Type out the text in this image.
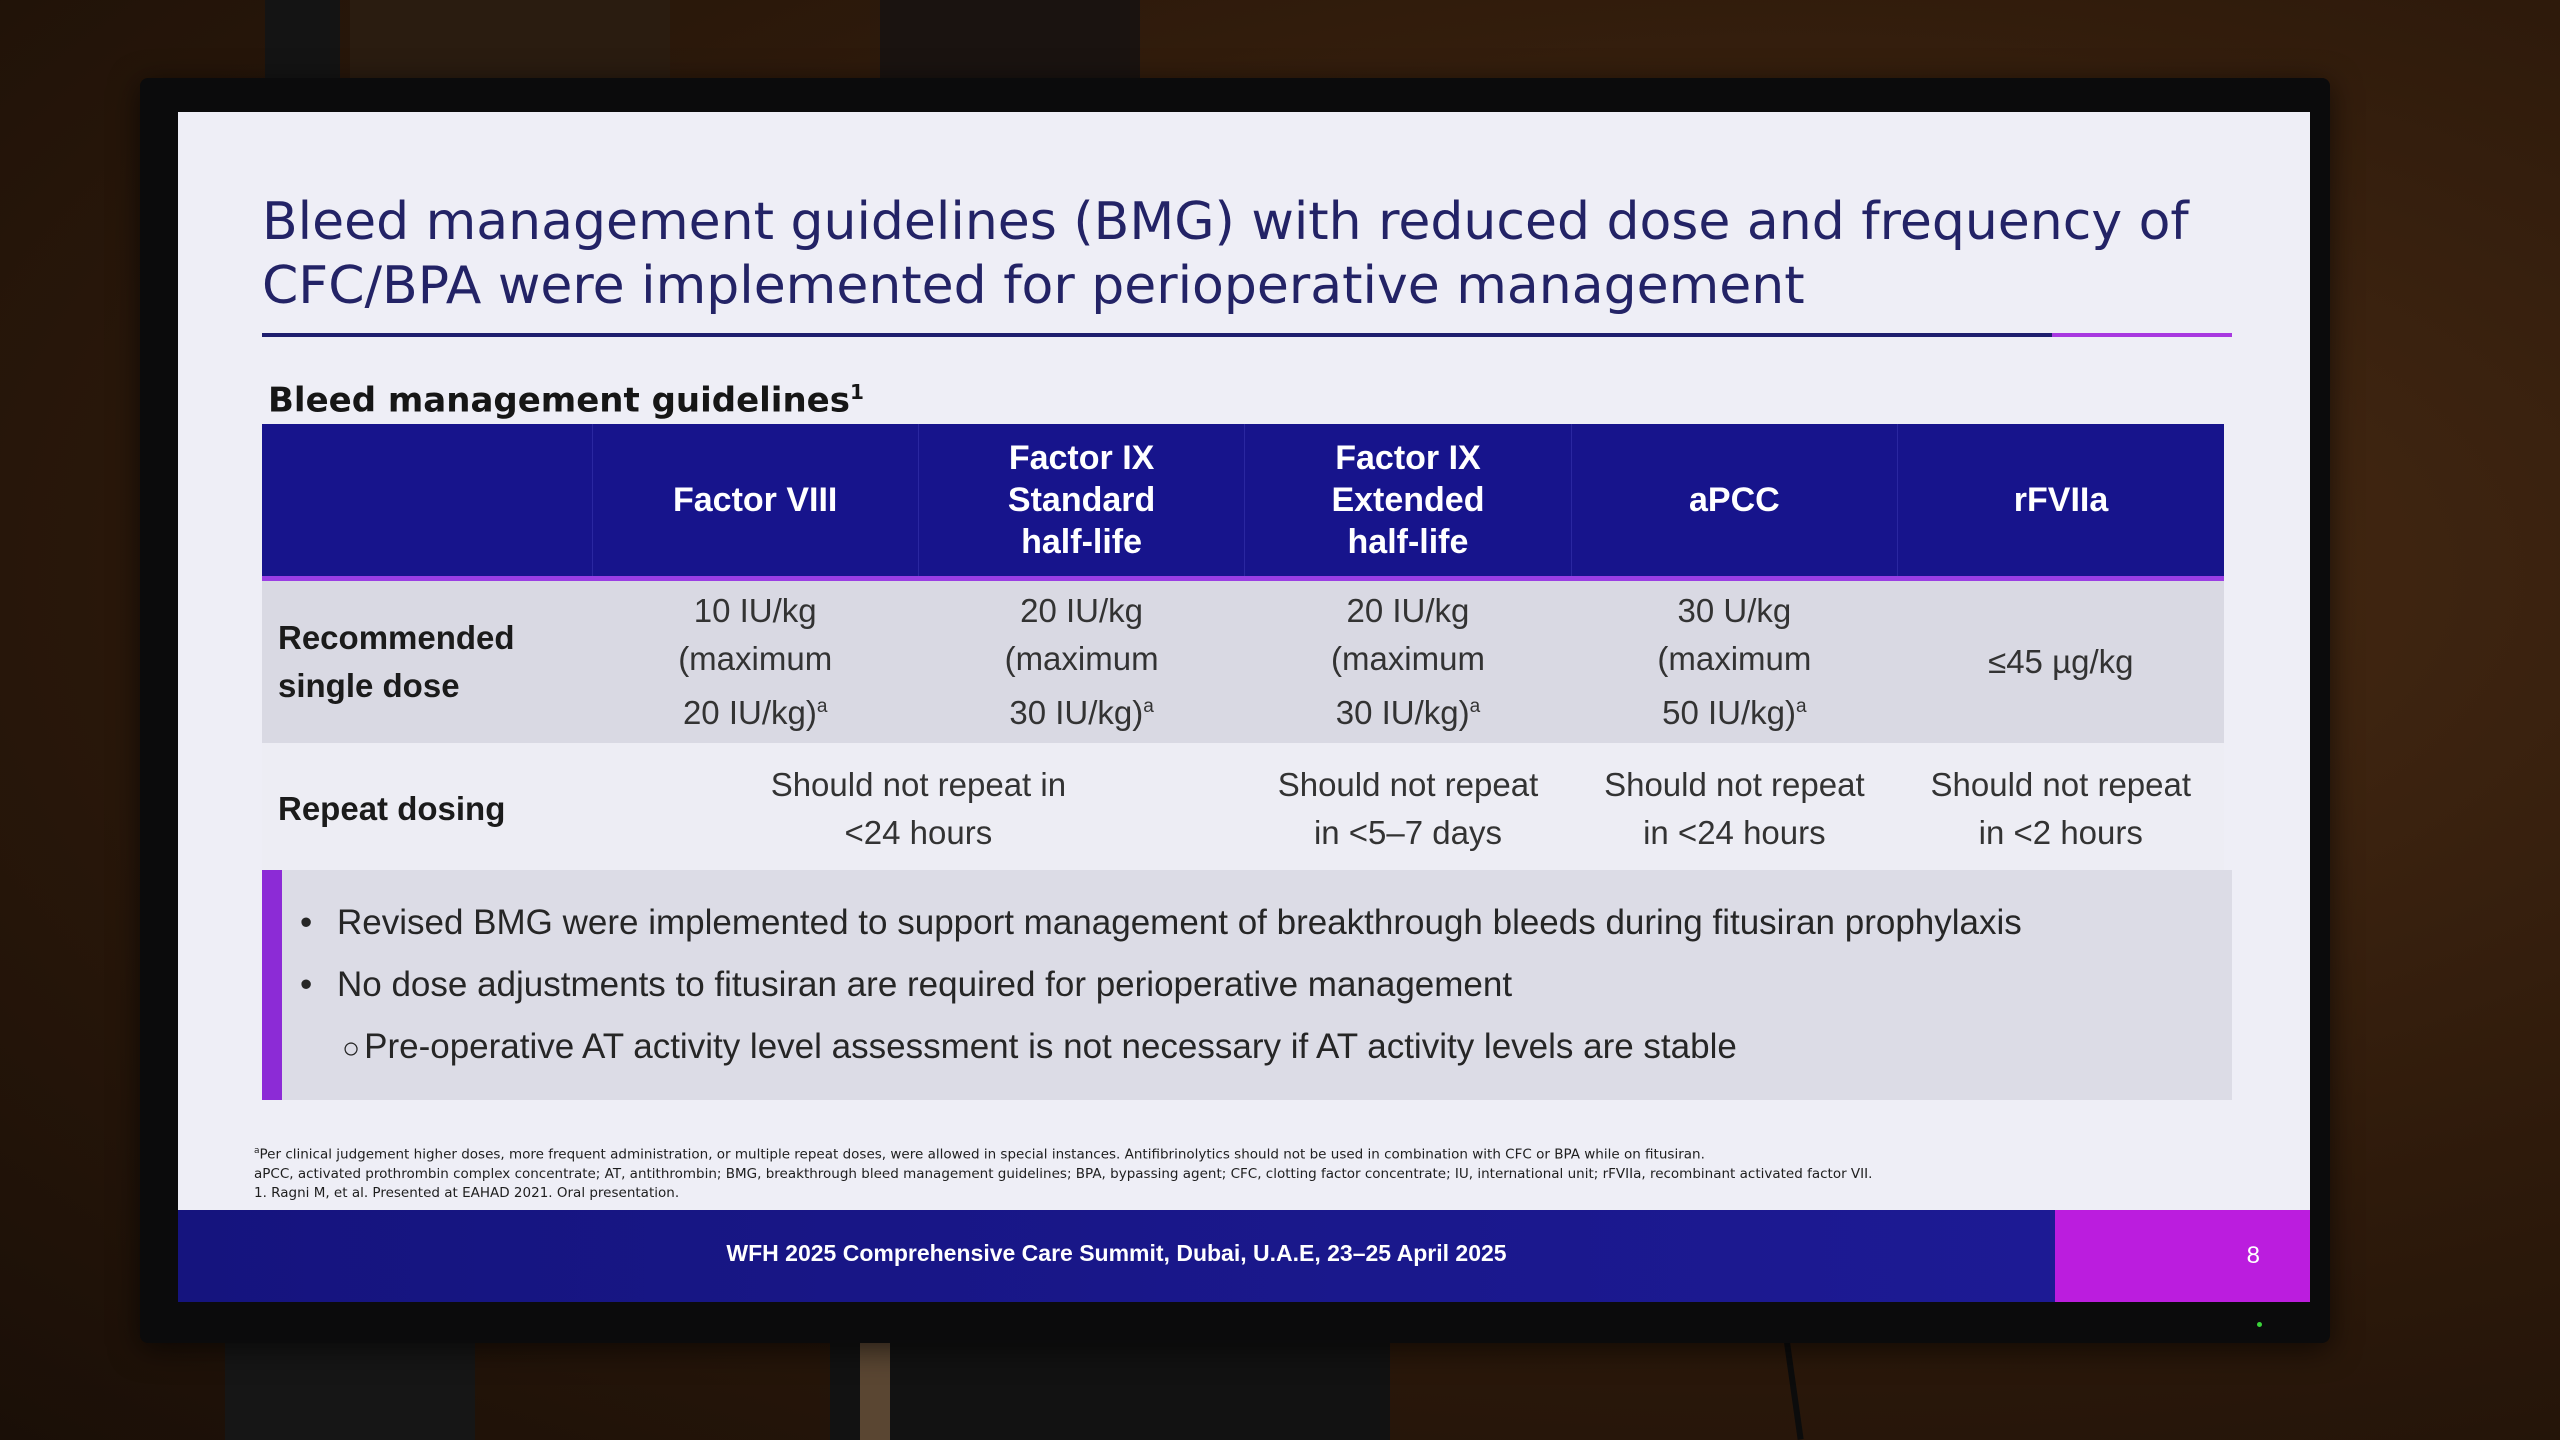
Bleed management guidelines (BMG) with reduced dose and frequency of CFC/BPA were implemented for perioperative management
Bleed management guidelines$^1$
	Factor VIII	Factor IX
Standard
half-life	Factor IX
Extended
half-life	aPCC	rFVIIa
Recommended
single dose	10 IU/kg
(maximum
20 IU/kg)$^a$	20 IU/kg
(maximum
30 IU/kg)$^a$	20 IU/kg
(maximum
30 IU/kg)$^a$	30 U/kg
(maximum
50 IU/kg)$^a$	≤45 µg/kg
Repeat dosing	Should not repeat in
<24 hours		Should not repeat
in <5–7 days	Should not repeat
in <24 hours	Should not repeat
in <2 hours
• Revised BMG were implemented to support management of breakthrough bleeds during fitusiran prophylaxis
• No dose adjustments to fitusiran are required for perioperative management
○ Pre-operative AT activity level assessment is not necessary if AT activity levels are stable
$^a$Per clinical judgement higher doses, more frequent administration, or multiple repeat doses, were allowed in special instances. Antifibrinolytics should not be used in combination with CFC or BPA while on fitusiran.
aPCC, activated prothrombin complex concentrate; AT, antithrombin; BMG, breakthrough bleed management guidelines; BPA, bypassing agent; CFC, clotting factor concentrate; IU, international unit; rFVIIa, recombinant activated factor VII.
1. Ragni M, et al. Presented at EAHAD 2021. Oral presentation.
WFH 2025 Comprehensive Care Summit, Dubai, U.A.E, 23–25 April 2025	8
